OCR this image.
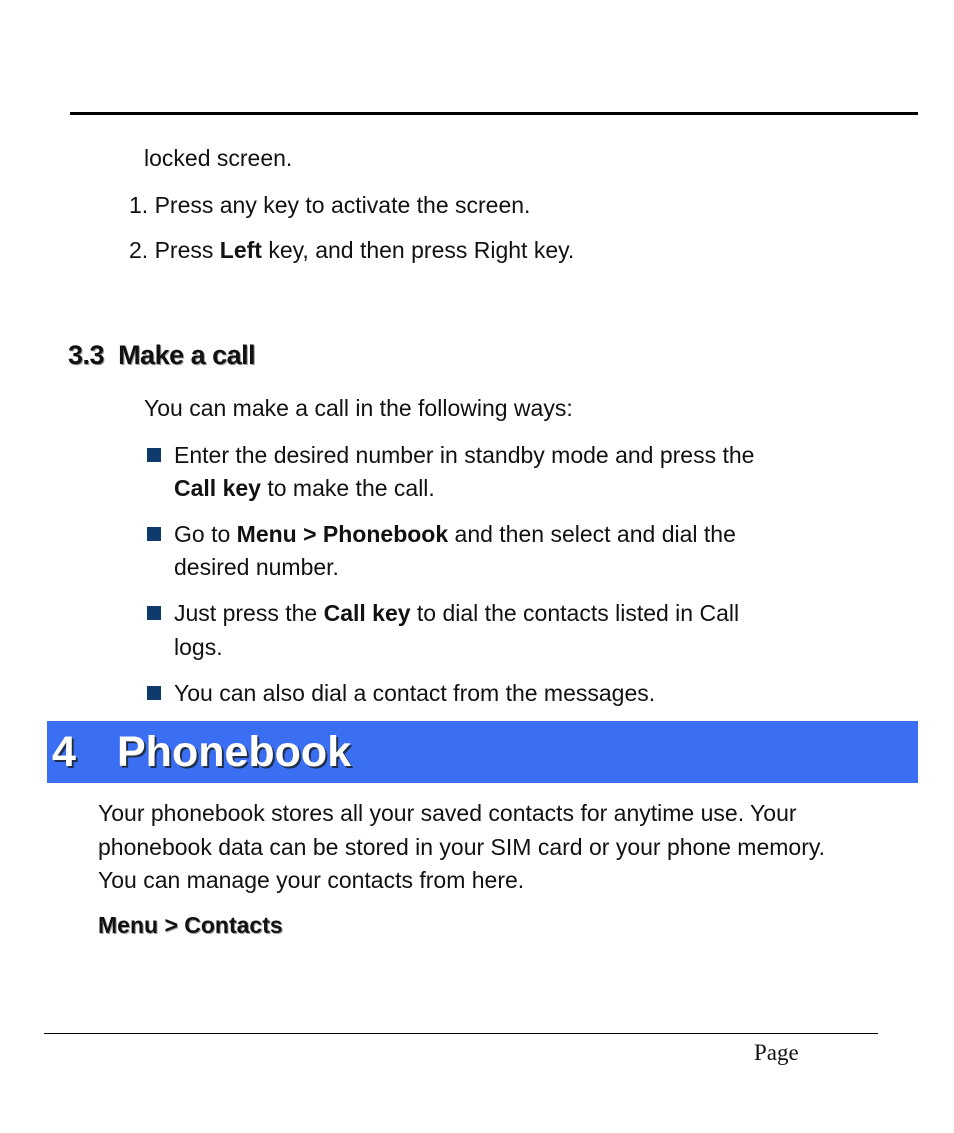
locked screen.
1. Press any key to activate the screen.
2. Press Left key, and then press Right key.
3.3 Make a call
You can make a call in the following ways:
Enter the desired number in standby mode and press the
Call key to make the call.
Go to Menu > Phonebook and then select and dial the
desired number.
Just press the Call key to dial the contacts listed in Call
logs.
You can also dial a contact from the messages.
4 Phonebook
Your phonebook stores all your saved contacts for anytime use. Your
phonebook data can be stored in your SIM card or your phone memory.
You can manage your contacts from here.
Menu > Contacts
Page
